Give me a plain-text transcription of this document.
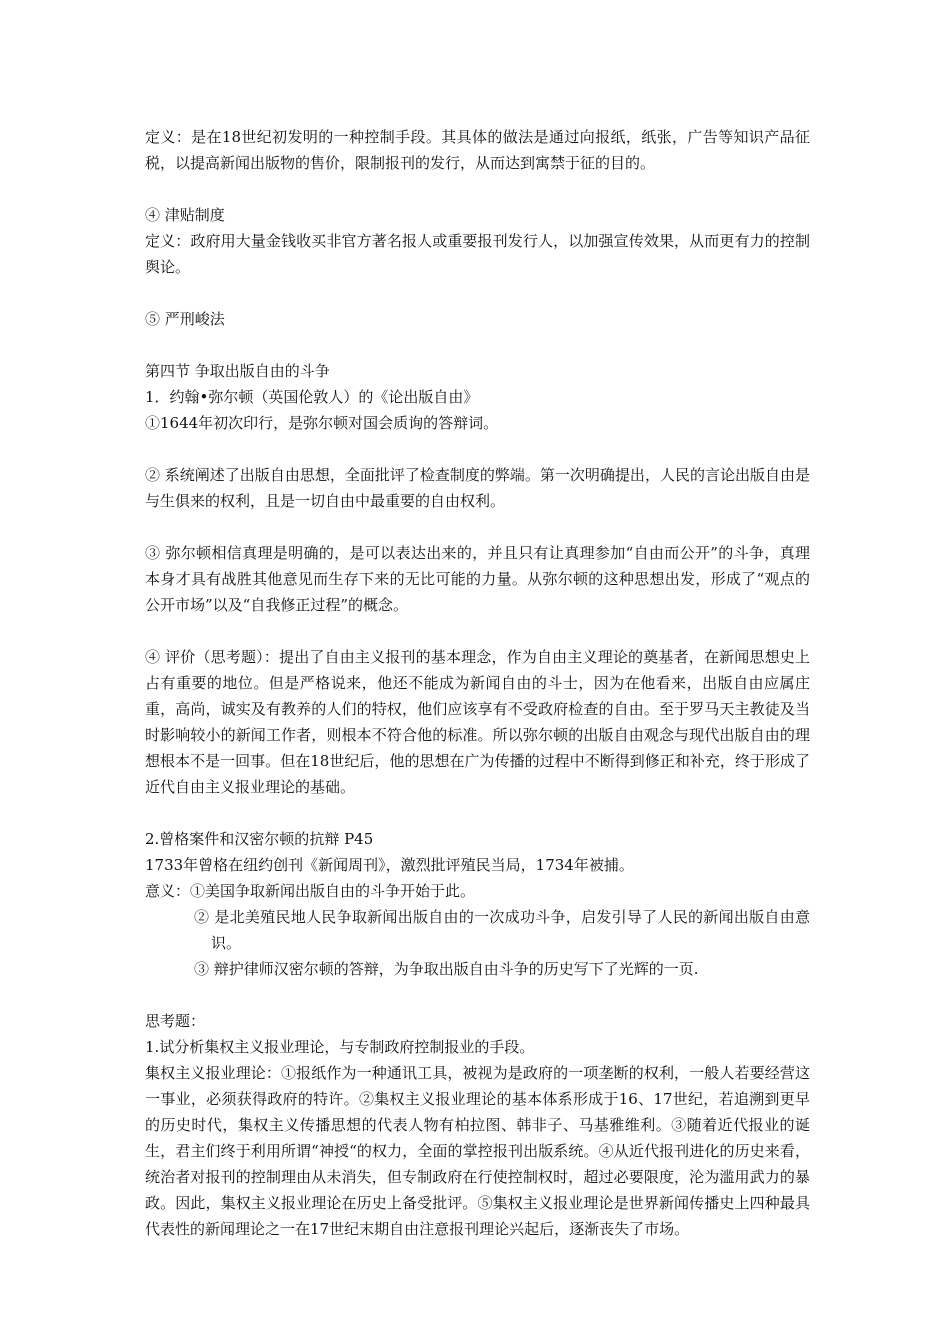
定义：是在18世纪初发明的一种控制手段。其具体的做法是通过向报纸，纸张，广告等知识产品征税，以提高新闻出版物的售价，限制报刊的发行，从而达到寓禁于征的目的。

④ 津贴制度

定义：政府用大量金钱收买非官方著名报人或重要报刊发行人，以加强宣传效果，从而更有力的控制舆论。

⑤ 严刑峻法

第四节 争取出版自由的斗争

1．约翰•弥尔顿（英国伦敦人）的《论出版自由》

①1644年初次印行，是弥尔顿对国会质询的答辩词。

② 系统阐述了出版自由思想，全面批评了检查制度的弊端。第一次明确提出，人民的言论出版自由是与生俱来的权利，且是一切自由中最重要的自由权利。

③ 弥尔顿相信真理是明确的，是可以表达出来的，并且只有让真理参加“自由而公开”的斗争，真理本身才具有战胜其他意见而生存下来的无比可能的力量。从弥尔顿的这种思想出发，形成了“观点的公开市场”以及“自我修正过程”的概念。

④ 评价（思考题）：提出了自由主义报刊的基本理念，作为自由主义理论的奠基者，在新闻思想史上占有重要的地位。但是严格说来，他还不能成为新闻自由的斗士，因为在他看来，出版自由应属庄重，高尚，诚实及有教养的人们的特权，他们应该享有不受政府检查的自由。至于罗马天主教徒及当时影响较小的新闻工作者，则根本不符合他的标准。所以弥尔顿的出版自由观念与现代出版自由的理想根本不是一回事。但在18世纪后，他的思想在广为传播的过程中不断得到修正和补充，终于形成了近代自由主义报业理论的基础。

2.曾格案件和汉密尔顿的抗辩 P45

1733年曾格在纽约创刊《新闻周刊》，激烈批评殖民当局，1734年被捕。

意义：①美国争取新闻出版自由的斗争开始于此。

② 是北美殖民地人民争取新闻出版自由的一次成功斗争，启发引导了人民的新闻出版自由意识。

③ 辩护律师汉密尔顿的答辩，为争取出版自由斗争的历史写下了光辉的一页.

思考题：

1.试分析集权主义报业理论，与专制政府控制报业的手段。

集权主义报业理论：①报纸作为一种通讯工具，被视为是政府的一项垄断的权利，一般人若要经营这一事业，必须获得政府的特许。②集权主义报业理论的基本体系形成于16、17世纪，若追溯到更早的历史时代，集权主义传播思想的代表人物有柏拉图、韩非子、马基雅维利。③随着近代报业的诞生，君主们终于利用所谓“神授“的权力，全面的掌控报刊出版系统。④从近代报刊进化的历史来看，统治者对报刊的控制理由从未消失，但专制政府在行使控制权时，超过必要限度，沦为滥用武力的暴政。因此，集权主义报业理论在历史上备受批评。⑤集权主义报业理论是世界新闻传播史上四种最具代表性的新闻理论之一在17世纪末期自由注意报刊理论兴起后，逐渐丧失了市场。
